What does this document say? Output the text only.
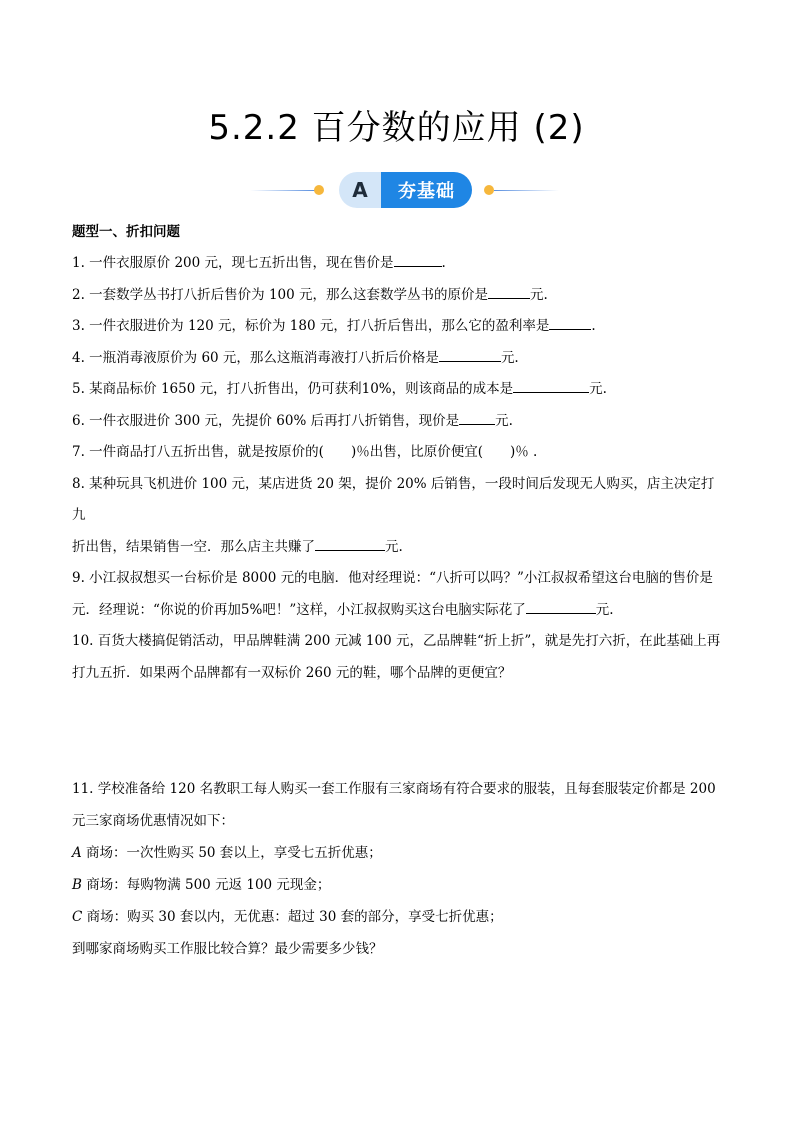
5.2.2 百分数的应用 (2)
A	夯基础
题型一、折扣问题
1. 一件衣服原价 200 元，现七五折出售，现在售价是	.
2. 一套数学丛书打八折后售价为 100 元，那么这套数学丛书的原价是	元.
3. 一件衣服进价为 120 元，标价为 180 元，打八折后售出，那么它的盈利率是	.
4. 一瓶消毒液原价为 60 元，那么这瓶消毒液打八折后价格是	元.
5. 某商品标价 1650 元，打八折售出，仍可获利10%，则该商品的成本是	元.
6. 一件衣服进价 300 元，先提价 60% 后再打八折销售，现价是	元.
7. 一件商品打八五折出售，就是按原价的(　　)％出售，比原价便宜(　　)％ .
8. 某种玩具飞机进价 100 元，某店进货 20 架，提价 20% 后销售，一段时间后发现无人购买，店主决定打九
折出售，结果销售一空．那么店主共赚了	元.
9. 小江叔叔想买一台标价是 8000 元的电脑．他对经理说：“八折可以吗？”小江叔叔希望这台电脑的售价是
元．经理说：“你说的价再加5%吧！”这样，小江叔叔购买这台电脑实际花了	元.
10. 百货大楼搞促销活动，甲品牌鞋满 200 元减 100 元，乙品牌鞋“折上折”，就是先打六折，在此基础上再
打九五折．如果两个品牌都有一双标价 260 元的鞋，哪个品牌的更便宜？
11. 学校准备给 120 名教职工每人购买一套工作服有三家商场有符合要求的服装，且每套服装定价都是 200
元三家商场优惠情况如下：
A 商场：一次性购买 50 套以上，享受七五折优惠；
B 商场：每购物满 500 元返 100 元现金；
C 商场：购买 30 套以内，无优惠：超过 30 套的部分，享受七折优惠；
到哪家商场购买工作服比较合算？最少需要多少钱？
